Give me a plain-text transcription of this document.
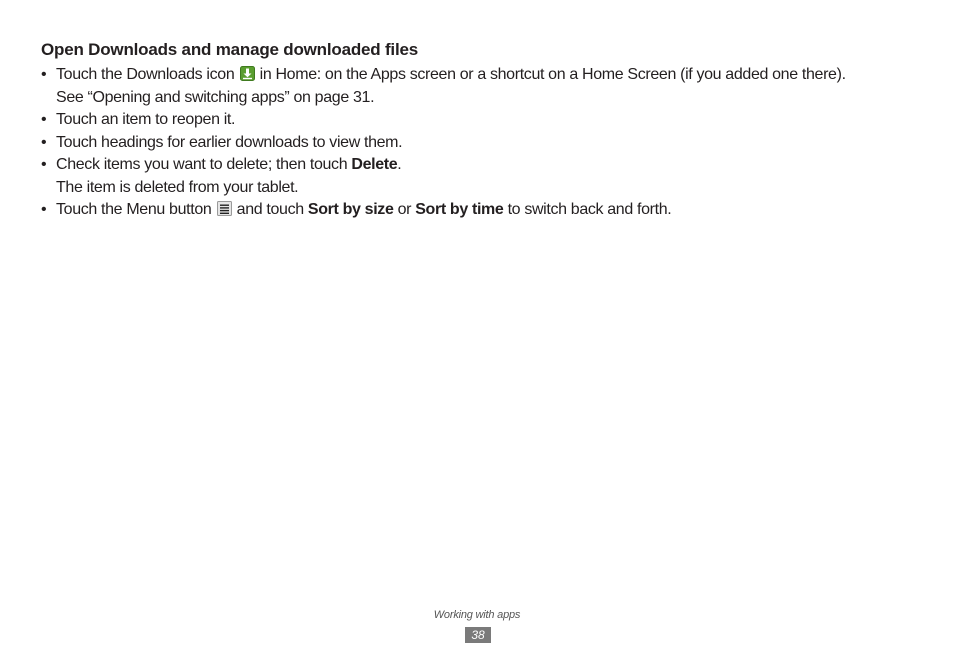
Open Downloads and manage downloaded files
• Touch the Downloads icon in Home: on the Apps screen or a shortcut on a Home Screen (if you added one there).
See “Opening and switching apps” on page 31.
• Touch an item to reopen it.
• Touch headings for earlier downloads to view them.
• Check items you want to delete; then touch Delete.
The item is deleted from your tablet.
• Touch the Menu button and touch Sort by size or Sort by time to switch back and forth.
Working with apps
38
